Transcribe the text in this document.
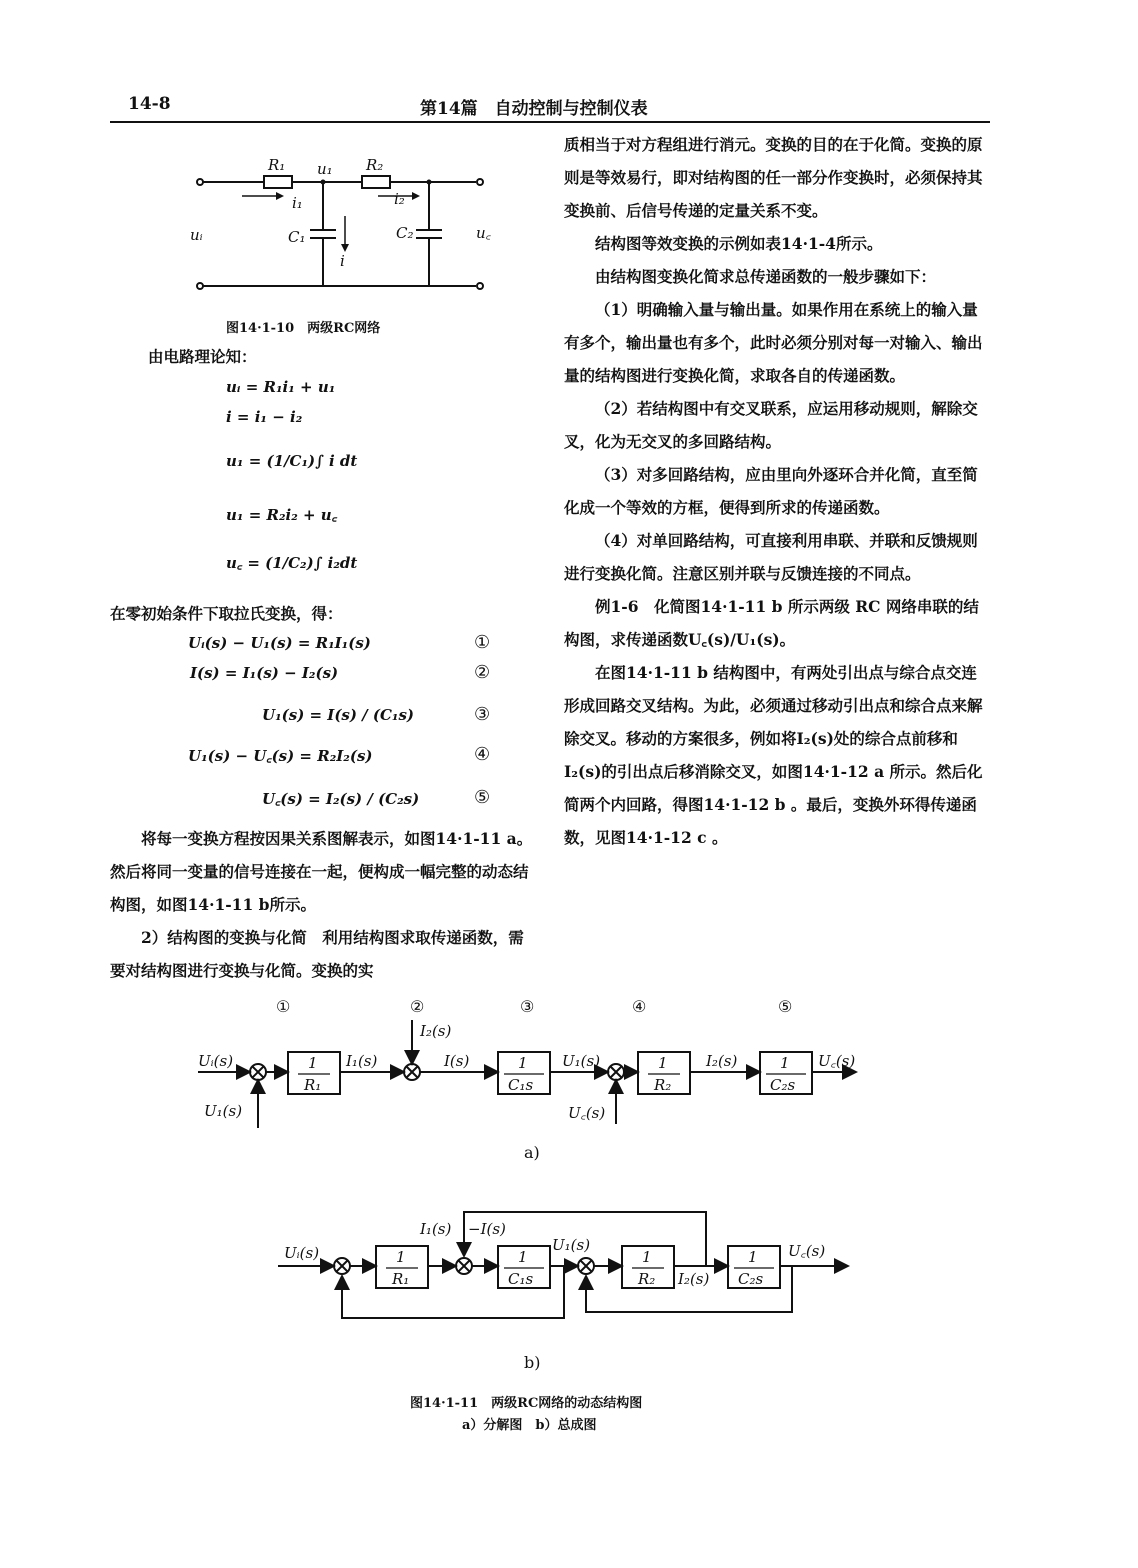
14-8	第14篇　自动控制与控制仪表
R₁	R₂
u₁
i₁	i₂
uᵢ	C₁
i
C₂	u꜀
图14·1-10　两级RC网络
由电路理论知：
uᵢ = R₁i₁ + u₁
i = i₁ − i₂
u₁ = (1/C₁)∫ i dt
u₁ = R₂i₂ + u꜀
u꜀ = (1/C₂)∫ i₂dt
在零初始条件下取拉氏变换，得：
Uᵢ(s) − U₁(s) = R₁I₁(s)	①
I(s) = I₁(s) − I₂(s)	②
U₁(s) = I(s) / (C₁s)	③
U₁(s) − U꜀(s) = R₂I₂(s)	④
U꜀(s) = I₂(s) / (C₂s)	⑤

将每一变换方程按因果关系图解表示，如图14·1-11 a。然后将同一变量的信号连接在一起，便构成一幅完整的动态结构图，如图14·1-11 b所示。

2）结构图的变换与化简　利用结构图求取传递函数，需要对结构图进行变换与化简。变换的实

质相当于对方程组进行消元。变换的目的在于化简。变换的原则是等效易行，即对结构图的任一部分作变换时，必须保持其变换前、后信号传递的定量关系不变。

结构图等效变换的示例如表14·1-4所示。

由结构图变换化简求总传递函数的一般步骤如下：

（1）明确输入量与输出量。如果作用在系统上的输入量有多个，输出量也有多个，此时必须分别对每一对输入、输出量的结构图进行变换化简，求取各自的传递函数。

（2）若结构图中有交叉联系，应运用移动规则，解除交叉，化为无交叉的多回路结构。

（3）对多回路结构，应由里向外逐环合并化简，直至简化成一个等效的方框，便得到所求的传递函数。

（4）对单回路结构，可直接利用串联、并联和反馈规则进行变换化简。注意区别并联与反馈连接的不同点。

例1-6　化简图14·1-11 b 所示两级 RC 网络串联的结构图，求传递函数U꜀(s)/U₁(s)。

在图14·1-11 b 结构图中，有两处引出点与综合点交连形成回路交叉结构。为此，必须通过移动引出点和综合点来解除交叉。移动的方案很多，例如将I₂(s)处的综合点前移和I₂(s)的引出点后移消除交叉，如图14·1-12 a 所示。然后化简两个内回路，得图14·1-12 b 。最后，变换外环得传递函数，见图14·1-12 c 。

①	②	③	④	⑤
1
R₁
1
C₁s
1
R₂
1
C₂s
Uᵢ(s)
U₁(s)
I₁(s)
I₂(s)
I(s)	U₁(s)
U꜀(s)
I₂(s)	U꜀(s)
a)
1
R₁
1
C₁s
1
R₂
1
C₂s
Uᵢ(s)
I₁(s) −I(s)
U₁(s)
I₂(s)
U꜀(s)
b)
图14·1-11　两级RC网络的动态结构图
a）分解图　b）总成图
